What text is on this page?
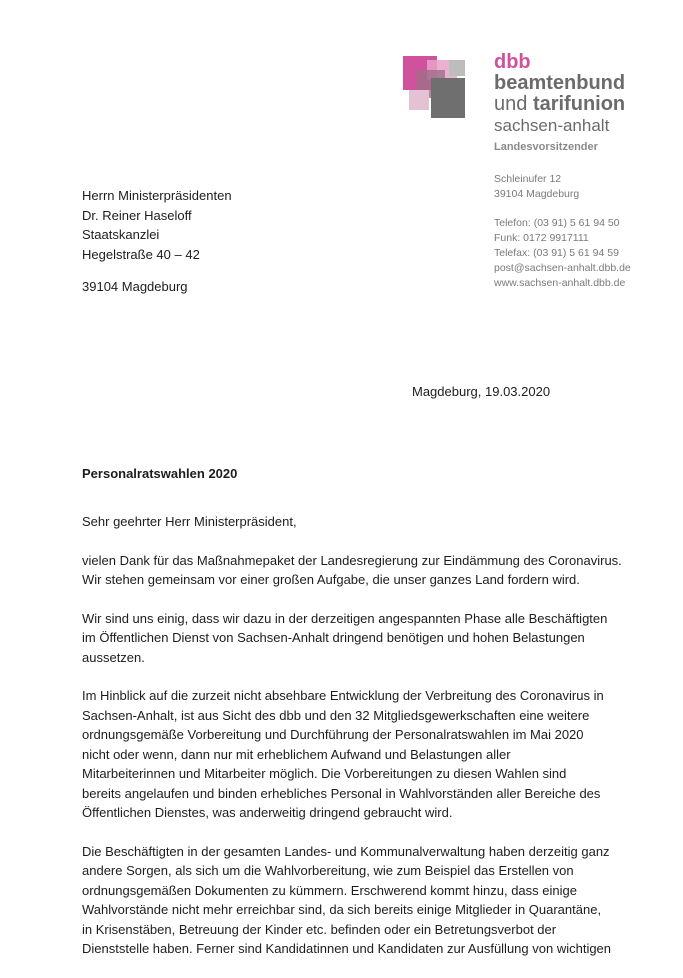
dbb
beamtenbund
und tarifunion
sachsen-anhalt
Landesvorsitzender
Schleinufer 12
39104 Magdeburg
Telefon: (03 91) 5 61 94 50
Funk: 0172 9917111
Telefax: (03 91) 5 61 94 59
post@sachsen-anhalt.dbb.de
www.sachsen-anhalt.dbb.de
Herrn Ministerpräsidenten
Dr. Reiner Haseloff
Staatskanzlei
Hegelstraße 40 – 42
39104 Magdeburg
Magdeburg, 19.03.2020
Personalratswahlen 2020

Sehr geehrter Herr Ministerpräsident,

vielen Dank für das Maßnahmepaket der Landesregierung zur Eindämmung des Coronavirus.

Wir stehen gemeinsam vor einer großen Aufgabe, die unser ganzes Land fordern wird.

Wir sind uns einig, dass wir dazu in der derzeitigen angespannten Phase alle Beschäftigten

im Öffentlichen Dienst von Sachsen-Anhalt dringend benötigen und hohen Belastungen

aussetzen.

Im Hinblick auf die zurzeit nicht absehbare Entwicklung der Verbreitung des Coronavirus in

Sachsen-Anhalt, ist aus Sicht des dbb und den 32 Mitgliedsgewerkschaften eine weitere

ordnungsgemäße Vorbereitung und Durchführung der Personalratswahlen im Mai 2020

nicht oder wenn, dann nur mit erheblichem Aufwand und Belastungen aller

Mitarbeiterinnen und Mitarbeiter möglich. Die Vorbereitungen zu diesen Wahlen sind

bereits angelaufen und binden erhebliches Personal in Wahlvorständen aller Bereiche des

Öffentlichen Dienstes, was anderweitig dringend gebraucht wird.

Die Beschäftigten in der gesamten Landes- und Kommunalverwaltung haben derzeitig ganz

andere Sorgen, als sich um die Wahlvorbereitung, wie zum Beispiel das Erstellen von

ordnungsgemäßen Dokumenten zu kümmern. Erschwerend kommt hinzu, dass einige

Wahlvorstände nicht mehr erreichbar sind, da sich bereits einige Mitglieder in Quarantäne,

in Krisenstäben, Betreuung der Kinder etc. befinden oder ein Betretungsverbot der

Dienststelle haben. Ferner sind Kandidatinnen und Kandidaten zur Ausfüllung von wichtigen
